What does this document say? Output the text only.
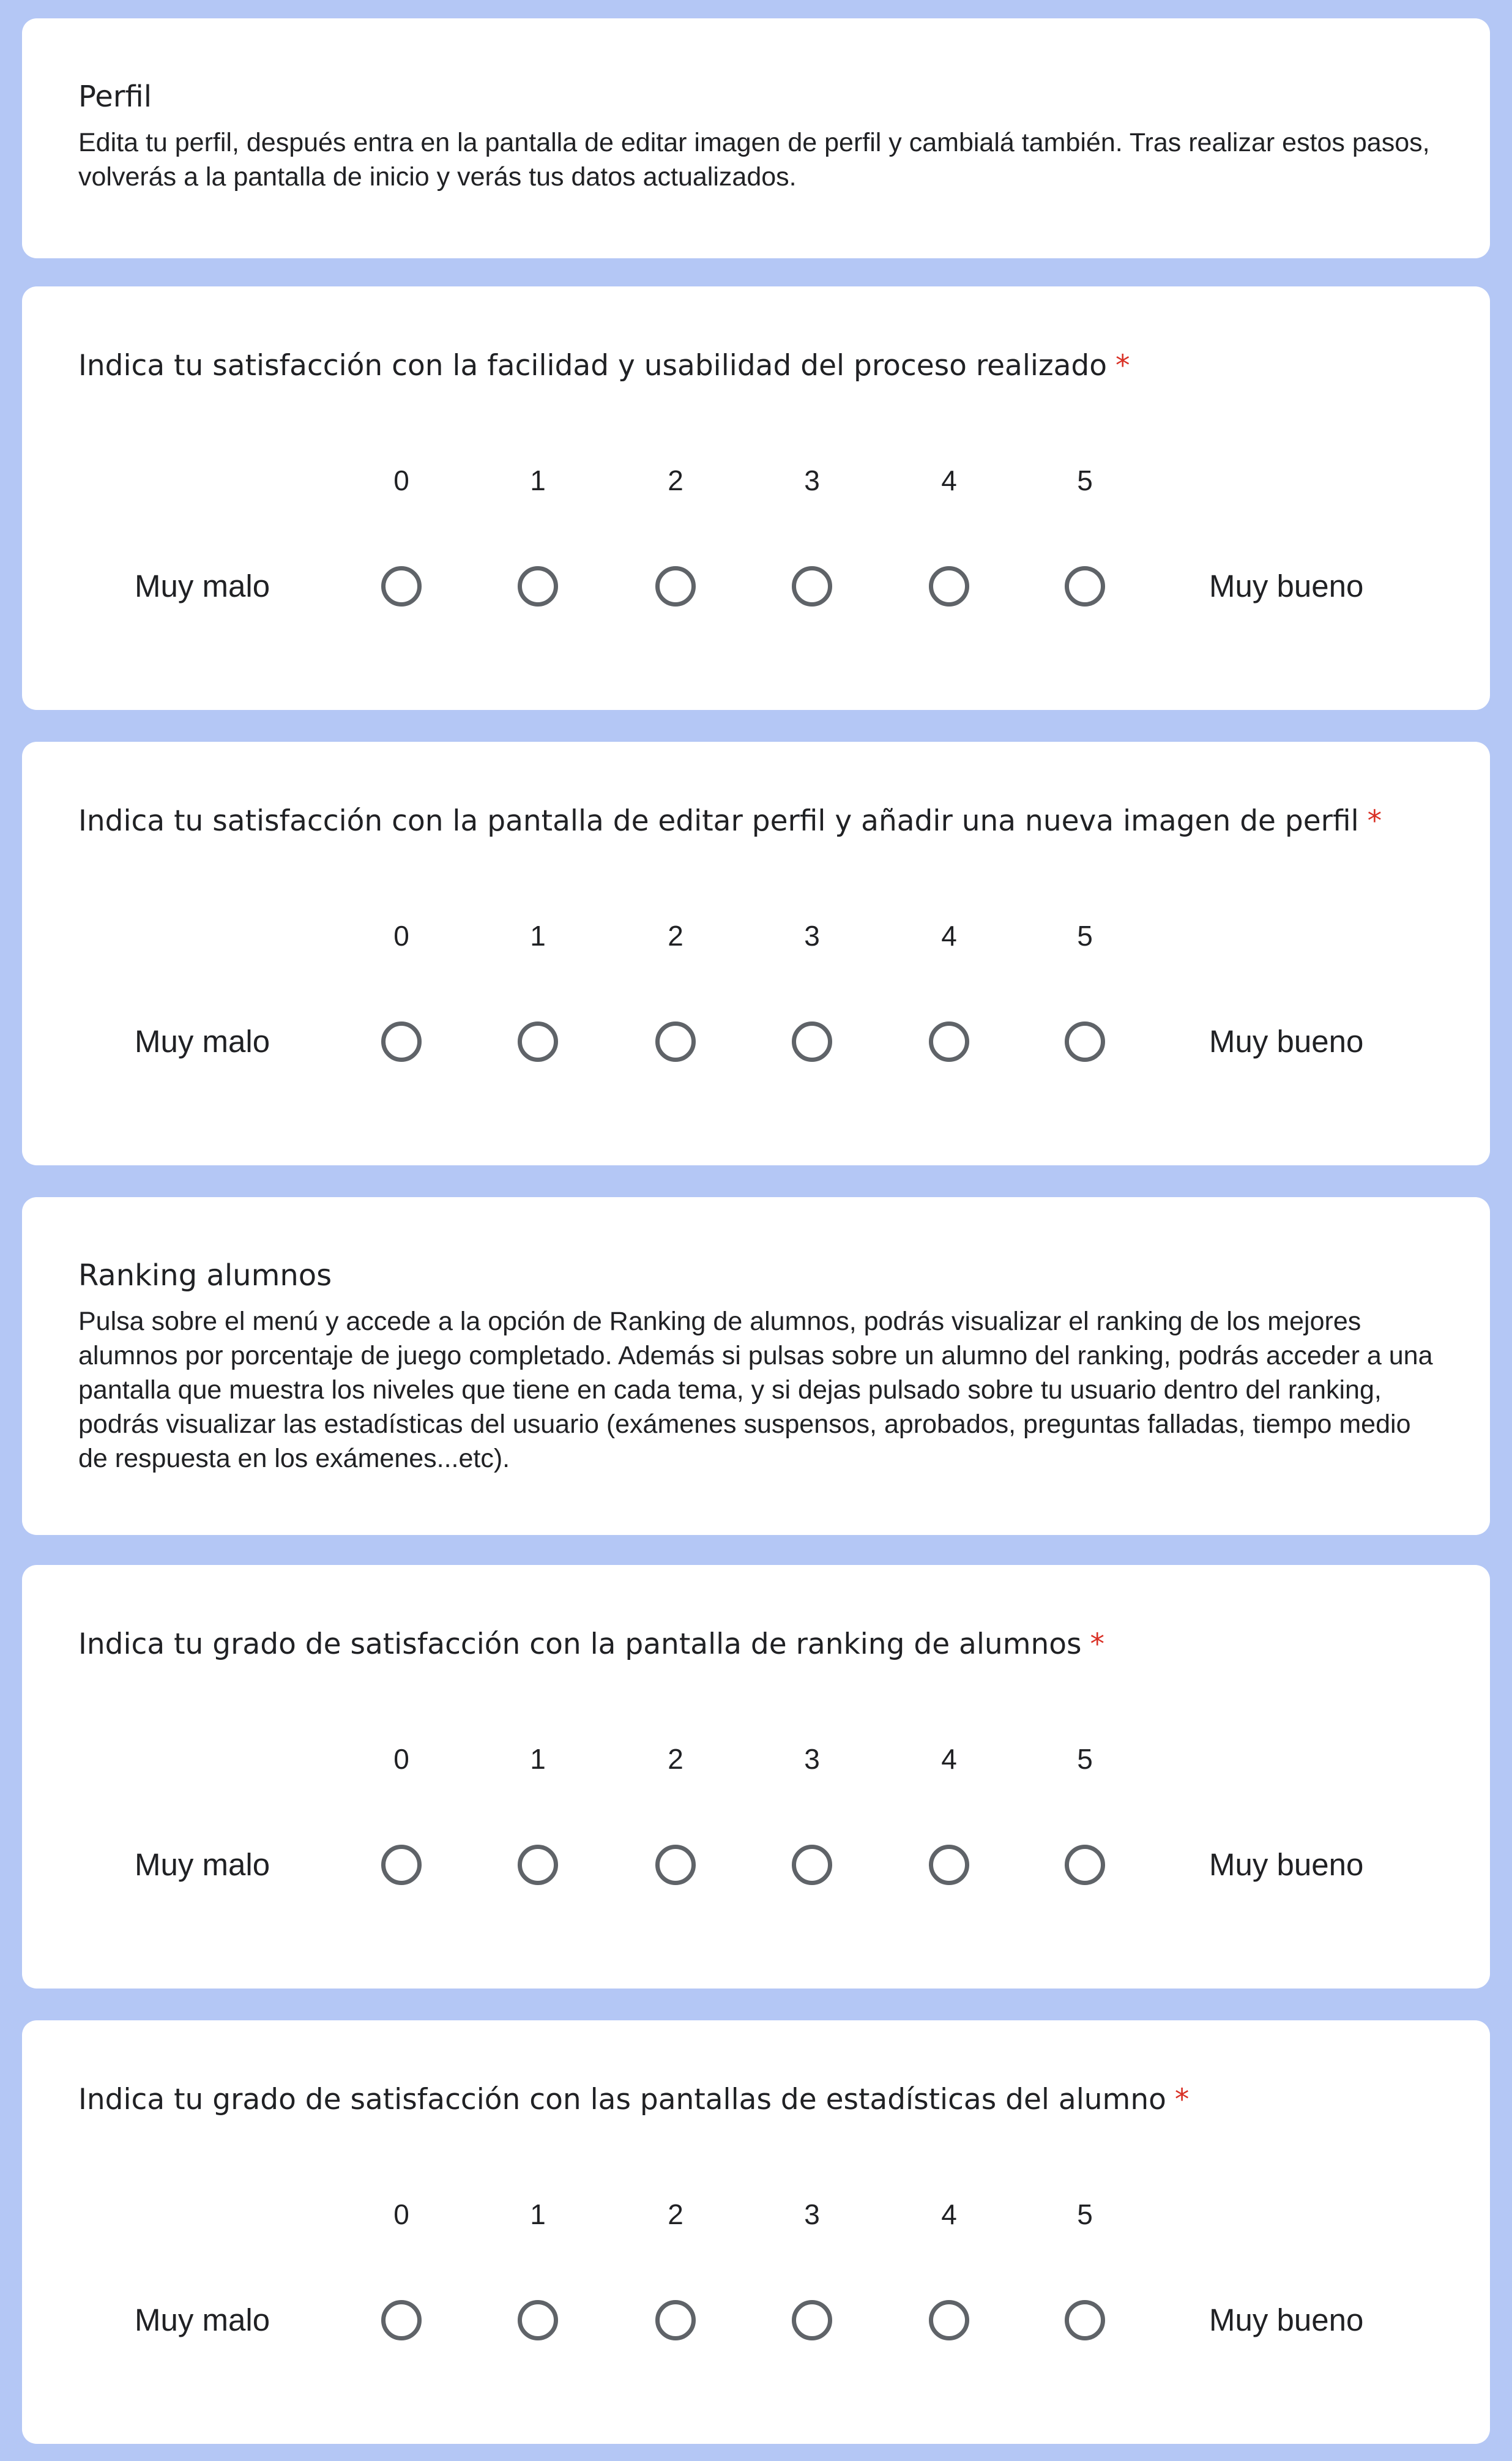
Perfil

Edita tu perfil, después entra en la pantalla de editar imagen de perfil y cambialá también. Tras realizar estos pasos, volverás a la pantalla de inicio y verás tus datos actualizados.

Indica tu satisfacción con la facilidad y usabilidad del proceso realizado *
0	1	2	3	4	5
Muy malo	Muy bueno
Indica tu satisfacción con la pantalla de editar perfil y añadir una nueva imagen de perfil *
0	1	2	3	4	5
Muy malo	Muy bueno
Ranking alumnos

Pulsa sobre el menú y accede a la opción de Ranking de alumnos, podrás visualizar el ranking de los mejores alumnos por porcentaje de juego completado. Además si pulsas sobre un alumno del ranking, podrás acceder a una pantalla que muestra los niveles que tiene en cada tema, y si dejas pulsado sobre tu usuario dentro del ranking, podrás visualizar las estadísticas del usuario (exámenes suspensos, aprobados, preguntas falladas, tiempo medio de respuesta en los exámenes...etc).

Indica tu grado de satisfacción con la pantalla de ranking de alumnos *
0	1	2	3	4	5
Muy malo	Muy bueno
Indica tu grado de satisfacción con las pantallas de estadísticas del alumno *
0	1	2	3	4	5
Muy malo	Muy bueno
